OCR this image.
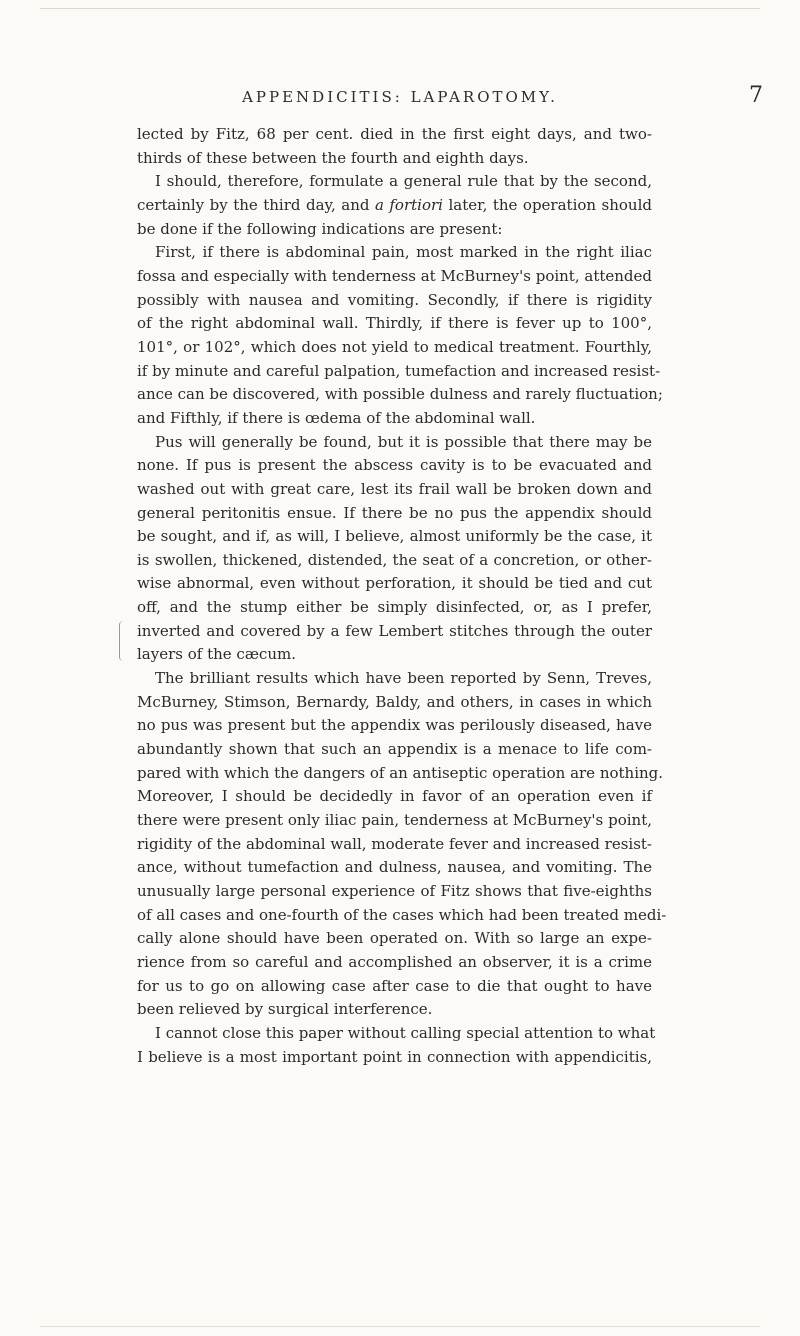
APPENDICITIS: LAPAROTOMY.	7
lected by Fitz, 68 per cent. died in the first eight days, and two-
thirds of these between the fourth and eighth days.
I should, therefore, formulate a general rule that by the second,
certainly by the third day, and a fortiori later, the operation should
be done if the following indications are present:
First, if there is abdominal pain, most marked in the right iliac
fossa and especially with tenderness at McBurney's point, attended
possibly with nausea and vomiting. Secondly, if there is rigidity
of the right abdominal wall. Thirdly, if there is fever up to 100°,
101°, or 102°, which does not yield to medical treatment. Fourthly,
if by minute and careful palpation, tumefaction and increased resist-
ance can be discovered, with possible dulness and rarely fluctuation;
and Fifthly, if there is œdema of the abdominal wall.
Pus will generally be found, but it is possible that there may be
none. If pus is present the abscess cavity is to be evacuated and
washed out with great care, lest its frail wall be broken down and
general peritonitis ensue. If there be no pus the appendix should
be sought, and if, as will, I believe, almost uniformly be the case, it
is swollen, thickened, distended, the seat of a concretion, or other-
wise abnormal, even without perforation, it should be tied and cut
off, and the stump either be simply disinfected, or, as I prefer,
inverted and covered by a few Lembert stitches through the outer
layers of the cæcum.
The brilliant results which have been reported by Senn, Treves,
McBurney, Stimson, Bernardy, Baldy, and others, in cases in which
no pus was present but the appendix was perilously diseased, have
abundantly shown that such an appendix is a menace to life com-
pared with which the dangers of an antiseptic operation are nothing.
Moreover, I should be decidedly in favor of an operation even if
there were present only iliac pain, tenderness at McBurney's point,
rigidity of the abdominal wall, moderate fever and increased resist-
ance, without tumefaction and dulness, nausea, and vomiting. The
unusually large personal experience of Fitz shows that five-eighths
of all cases and one-fourth of the cases which had been treated medi-
cally alone should have been operated on. With so large an expe-
rience from so careful and accomplished an observer, it is a crime
for us to go on allowing case after case to die that ought to have
been relieved by surgical interference.
I cannot close this paper without calling special attention to what
I believe is a most important point in connection with appendicitis,
